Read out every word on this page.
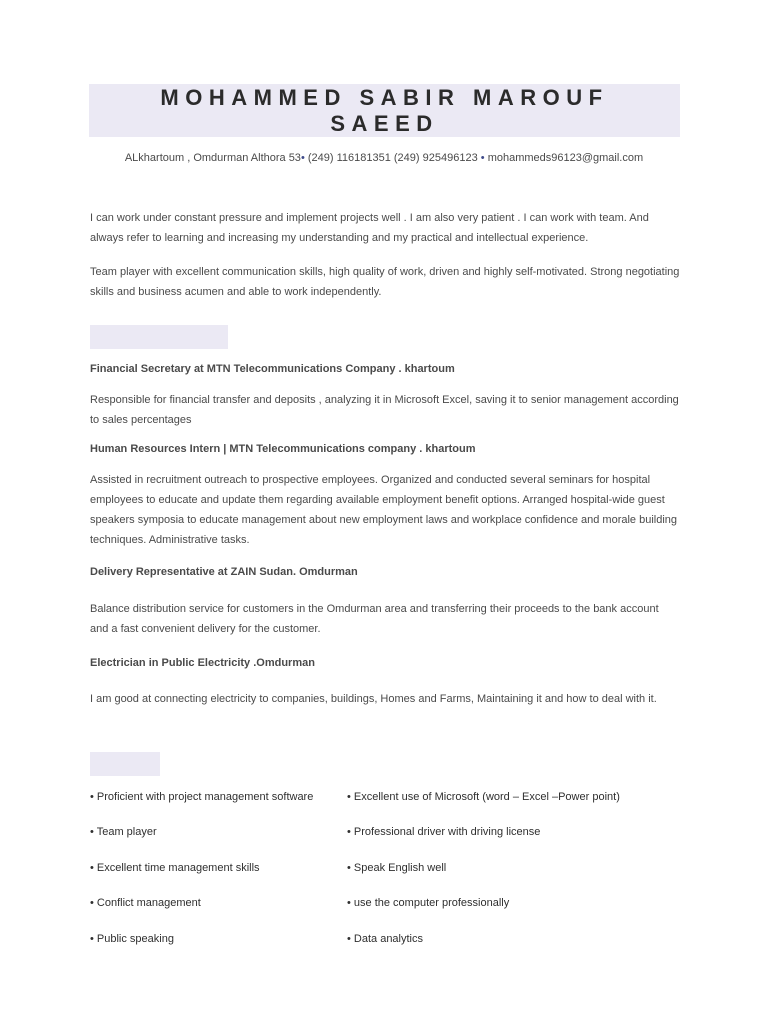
MOHAMMED SABIR MAROUF
SAEED
ALkhartoum , Omdurman Althora 53• (249) 116181351 (249) 925496123 • mohammeds96123@gmail.com
I can work under constant pressure and implement projects well . I am also very patient . I can work with team. And always refer to learning and increasing my understanding and my practical and intellectual experience.
Team player with excellent communication skills, high quality of work, driven and highly self-motivated. Strong negotiating skills and business acumen and able to work independently.
Financial Secretary at MTN Telecommunications Company . khartoum
Responsible for financial transfer and deposits , analyzing it in Microsoft Excel, saving it to senior management according to sales percentages
Human Resources Intern | MTN Telecommunications company . khartoum
Assisted in recruitment outreach to prospective employees. Organized and conducted several seminars for hospital employees to educate and update them regarding available employment benefit options. Arranged hospital-wide guest speakers symposia to educate management about new employment laws and workplace confidence and morale building techniques. Administrative tasks.
Delivery Representative at ZAIN Sudan. Omdurman
Balance distribution service for customers in the Omdurman area and transferring their proceeds to the bank account and a fast convenient delivery for the customer.
Electrician in Public Electricity .Omdurman
I am good at connecting electricity to companies, buildings, Homes and Farms, Maintaining it and how to deal with it.
• Proficient with project management software
• Team player
• Excellent time management skills
• Conflict management
• Public speaking
• Excellent use of Microsoft (word – Excel –Power point)
• Professional driver with driving license
• Speak English well
• use the computer professionally
• Data analytics
